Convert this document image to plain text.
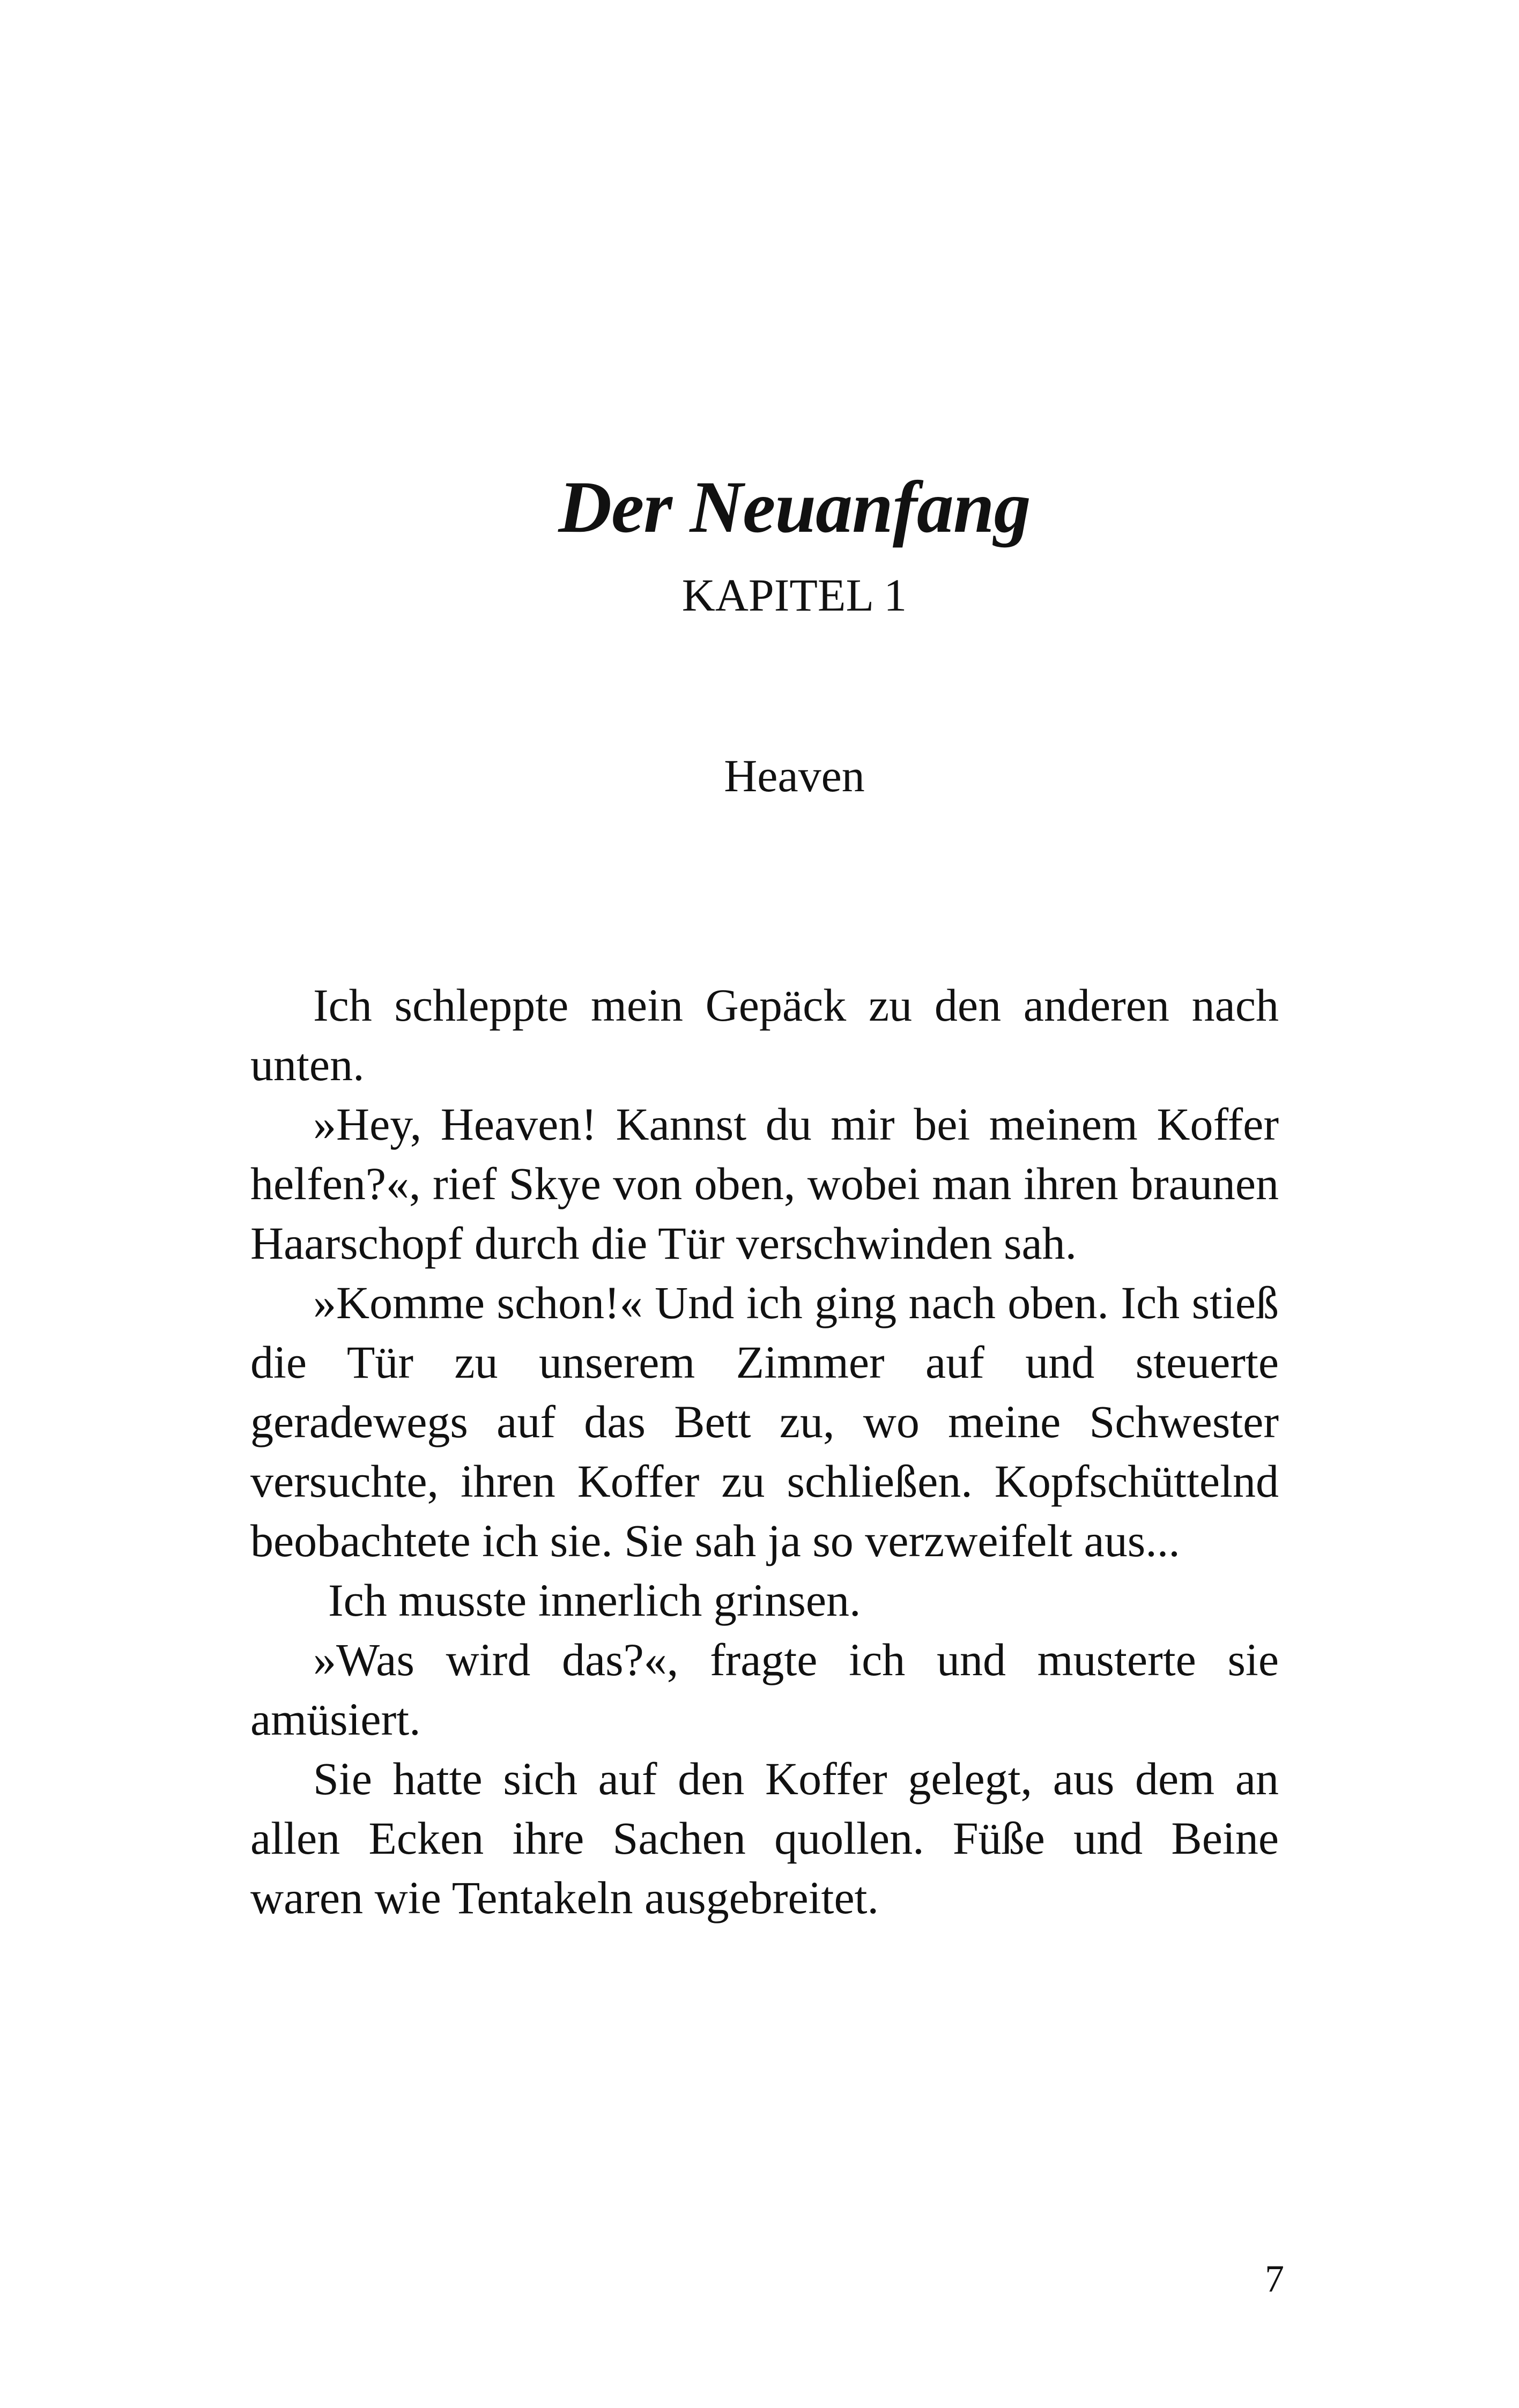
Der Neuanfang
KAPITEL 1
Heaven

Ich schleppte mein Gepäck zu den anderen nach unten.

»Hey, Heaven! Kannst du mir bei meinem Koffer helfen?«, rief Skye von oben, wobei man ihren braunen Haarschopf durch die Tür verschwinden sah.

»Komme schon!« Und ich ging nach oben. Ich stieß die Tür zu unserem Zimmer auf und steuerte geradewegs auf das Bett zu, wo meine Schwester versuchte, ihren Koffer zu schließen. Kopfschüttelnd beobachtete ich sie. Sie sah ja so verzweifelt aus...

Ich musste innerlich grinsen.

»Was wird das?«, fragte ich und musterte sie amüsiert.

Sie hatte sich auf den Koffer gelegt, aus dem an allen Ecken ihre Sachen quollen. Füße und Beine waren wie Tentakeln ausgebreitet.

7
